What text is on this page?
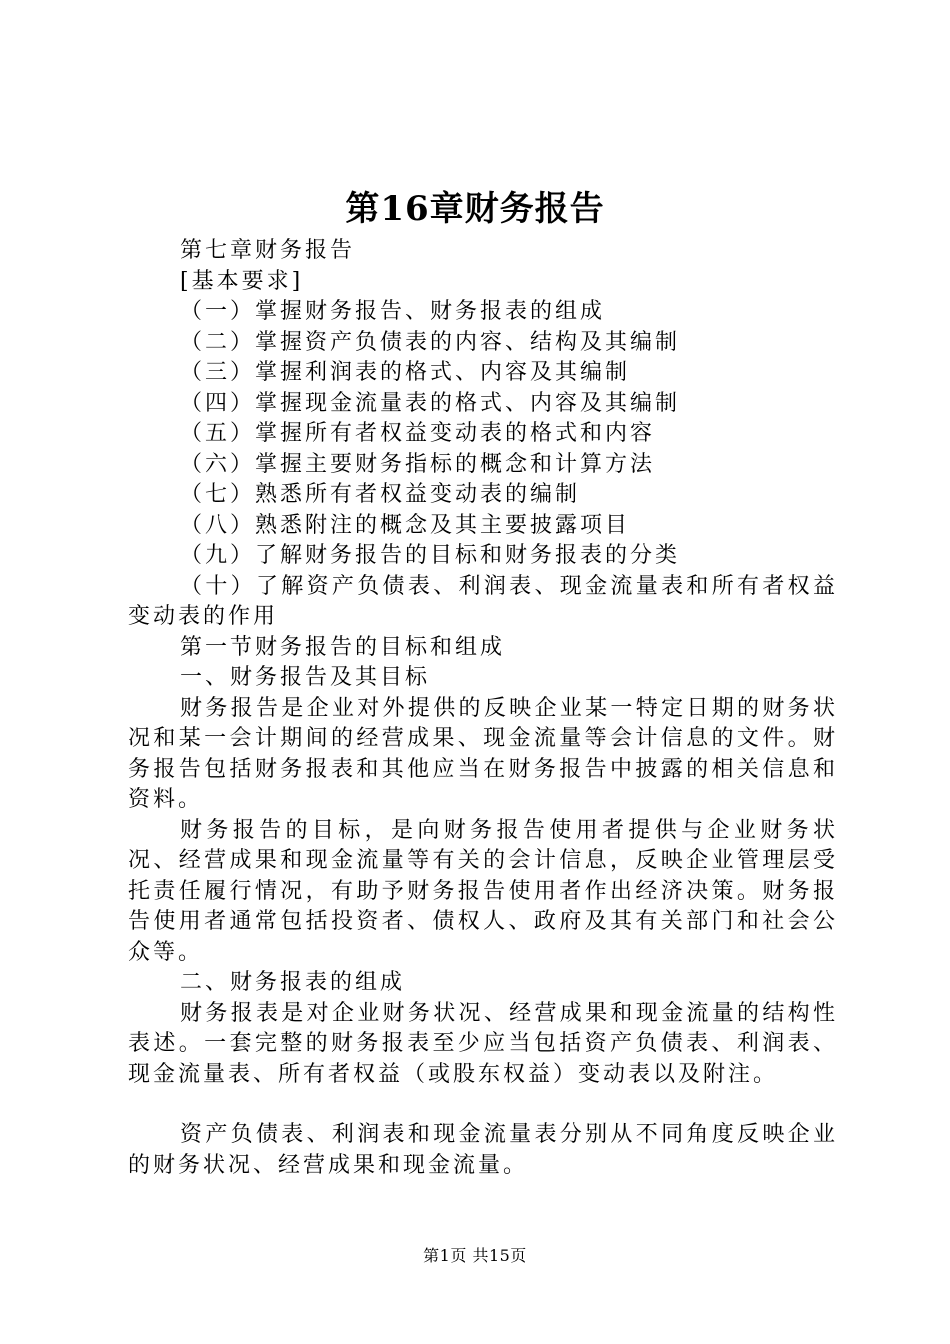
第16章财务报告
第七章财务报告
[基本要求]
（一）掌握财务报告、财务报表的组成
（二）掌握资产负债表的内容、结构及其编制
（三）掌握利润表的格式、内容及其编制
（四）掌握现金流量表的格式、内容及其编制
（五）掌握所有者权益变动表的格式和内容
（六）掌握主要财务指标的概念和计算方法
（七）熟悉所有者权益变动表的编制
（八）熟悉附注的概念及其主要披露项目
（九）了解财务报告的目标和财务报表的分类

（十）了解资产负债表、利润表、现金流量表和所有者权益变动表的作用

第一节财务报告的目标和组成
一、财务报告及其目标

财务报告是企业对外提供的反映企业某一特定日期的财务状况和某一会计期间的经营成果、现金流量等会计信息的文件。财务报告包括财务报表和其他应当在财务报告中披露的相关信息和资料。

财务报告的目标，是向财务报告使用者提供与企业财务状况、经营成果和现金流量等有关的会计信息，反映企业管理层受托责任履行情况，有助予财务报告使用者作出经济决策。财务报告使用者通常包括投资者、债权人、政府及其有关部门和社会公众等。

二、财务报表的组成

财务报表是对企业财务状况、经营成果和现金流量的结构性表述。一套完整的财务报表至少应当包括资产负债表、利润表、现金流量表、所有者权益（或股东权益）变动表以及附注。

资产负债表、利润表和现金流量表分别从不同角度反映企业的财务状况、经营成果和现金流量。

第1页 共15页
